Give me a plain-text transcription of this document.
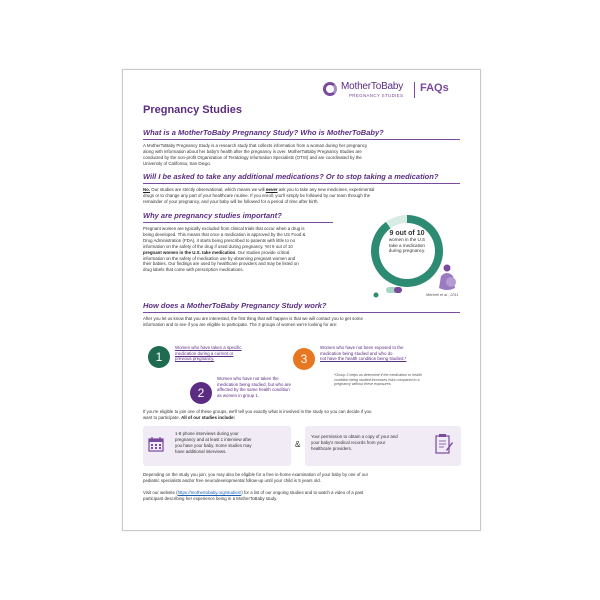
MotherToBaby
PREGNANCY STUDIES
FAQs
Pregnancy Studies
What is a MotherToBaby Pregnancy Study? Who is MotherToBaby?
A MotherToBaby Pregnancy Study is a research study that collects information from a woman during her pregnancy
along with information about her baby's health after the pregnancy is over. MotherToBaby Pregnancy Studies are
conducted by the non-profit Organization of Teratology Information Specialists (OTIS) and are coordinated by the
University of California, San Diego.
Will I be asked to take any additional medications? Or to stop taking a medication?
No. Our studies are strictly observational, which means we will never ask you to take any new medicines, experimental
drugs or to change any part of your healthcare routine. If you enroll, you'll simply be followed by our team through the
remainder of your pregnancy, and your baby will be followed for a period of time after birth.
Why are pregnancy studies important?
Pregnant women are typically excluded from clinical trials that occur when a drug is
being developed. This means that once a medication is approved by the US Food &
Drug Administration (FDA), it starts being prescribed to patients with little to no
information on the safety of the drug if used during pregnancy. Yet 9 out of 10
pregnant women in the U.S. take medication. Our studies provide critical
information on the safety of medication use by observing pregnant women and
their babies. Our findings are used by healthcare providers and may be listed on
drug labels that come with prescription medications.
9 out of 10
women in the U.S
take a medication
during pregnancy.
Mitchell et al., 2011
How does a MotherToBaby Pregnancy Study work?
After you let us know that you are interested, the first thing that will happen is that we will contact you to get some
information and to see if you are eligible to participate. The 3 groups of women we're looking for are:
1
Women who have taken a specific
medication during a current or
previous pregnancy.	3
Women who have not been exposed to the
medication being studied and who do
not have the health condition being studied.*
*Group 3 helps us determine if the medication or health
condition being studied increases risks compared to a
pregnancy without these exposures.
2
Women who have not taken the
medication being studied, but who are
affected by the same health condition
as women in group 1.
If you're eligible to join one of these groups, we'll tell you exactly what is involved in the study so you can decide if you
want to participate. All of our studies include:
1-8 phone interviews during your
pregnancy and at least 1 interview after
you have your baby. Some studies may
have additional interviews.
&
Your permission to obtain a copy of your and
your baby's medical records from your
healthcare providers.
Depending on the study you join, you may also be eligible for a free in-home examination of your baby by one of our
pediatric specialists and/or free neurodevelopmental follow-up until your child is 5 years old.
Visit our website (https://mothertobaby.org/studies/) for a list of our ongoing studies and to watch a video of a past
participant describing her experience being in a MotherToBaby study.
